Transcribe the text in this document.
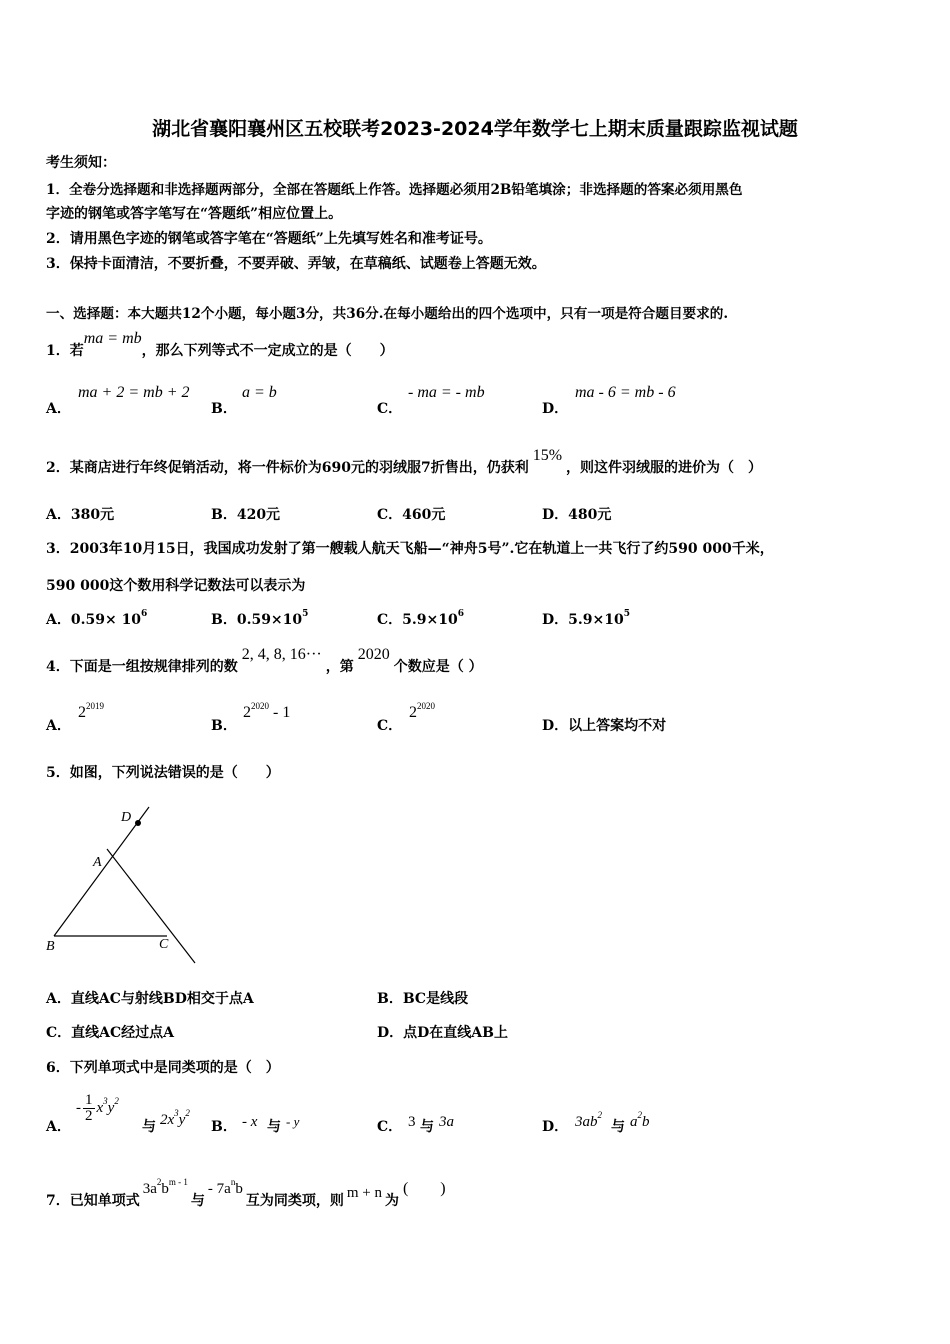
湖北省襄阳襄州区五校联考2023-2024学年数学七上期末质量跟踪监视试题
考生须知：
1．全卷分选择题和非选择题两部分，全部在答题纸上作答。选择题必须用2B铅笔填涂；非选择题的答案必须用黑色
字迹的钢笔或答字笔写在“答题纸”相应位置上。
2．请用黑色字迹的钢笔或答字笔在“答题纸”上先填写姓名和准考证号。
3．保持卡面清洁，不要折叠，不要弄破、弄皱，在草稿纸、试题卷上答题无效。
一、选择题：本大题共12个小题，每小题3分，共36分.在每小题给出的四个选项中，只有一项是符合题目要求的.
1．若ma = mb，那么下列等式不一定成立的是（　　）
A．
ma + 2 = mb + 2
B．
a = b
C．
- ma = - mb
D．
ma - 6 = mb - 6
2．某商店进行年终促销活动，将一件标价为690元的羽绒服7折售出，仍获利15%，则这件羽绒服的进价为（　）
A．380元	B．420元	C．460元	D．480元
3．2003年10月15日，我国成功发射了第一艘载人航天飞船—“神舟5号”.它在轨道上一共飞行了约590 000千米，
590 000这个数用科学记数法可以表示为
A．$0.59\times 10^6$	B．$0.59\times 10^5$	C．$5.9\times 10^6$	D．$5.9\times 10^5$
4．下面是一组按规律排列的数2, 4, 8, 16···，第2020个数应是（ ）
A．
$2^{2019}$
B．
$2^{2020} - 1$
C．
$2^{2020}$
D．以上答案均不对
5．如图，下列说法错误的是（　　）
D
A
B	C
A．直线AC与射线BD相交于点A	B．BC是线段
C．直线AC经过点A	D．点D在直线AB上
6．下列单项式中是同类项的是（　）
A．
- $\frac{1}{2} x^3y^2$
与 $2x^3y^2$
B． - x 与 - y	C． 3 与 3a	D． $3ab^2$
与 $a^2b$
7．已知单项式$3a^2b^{m - 1}$与- $7a^nb$互为同类项，则 m + n 为(　　)
